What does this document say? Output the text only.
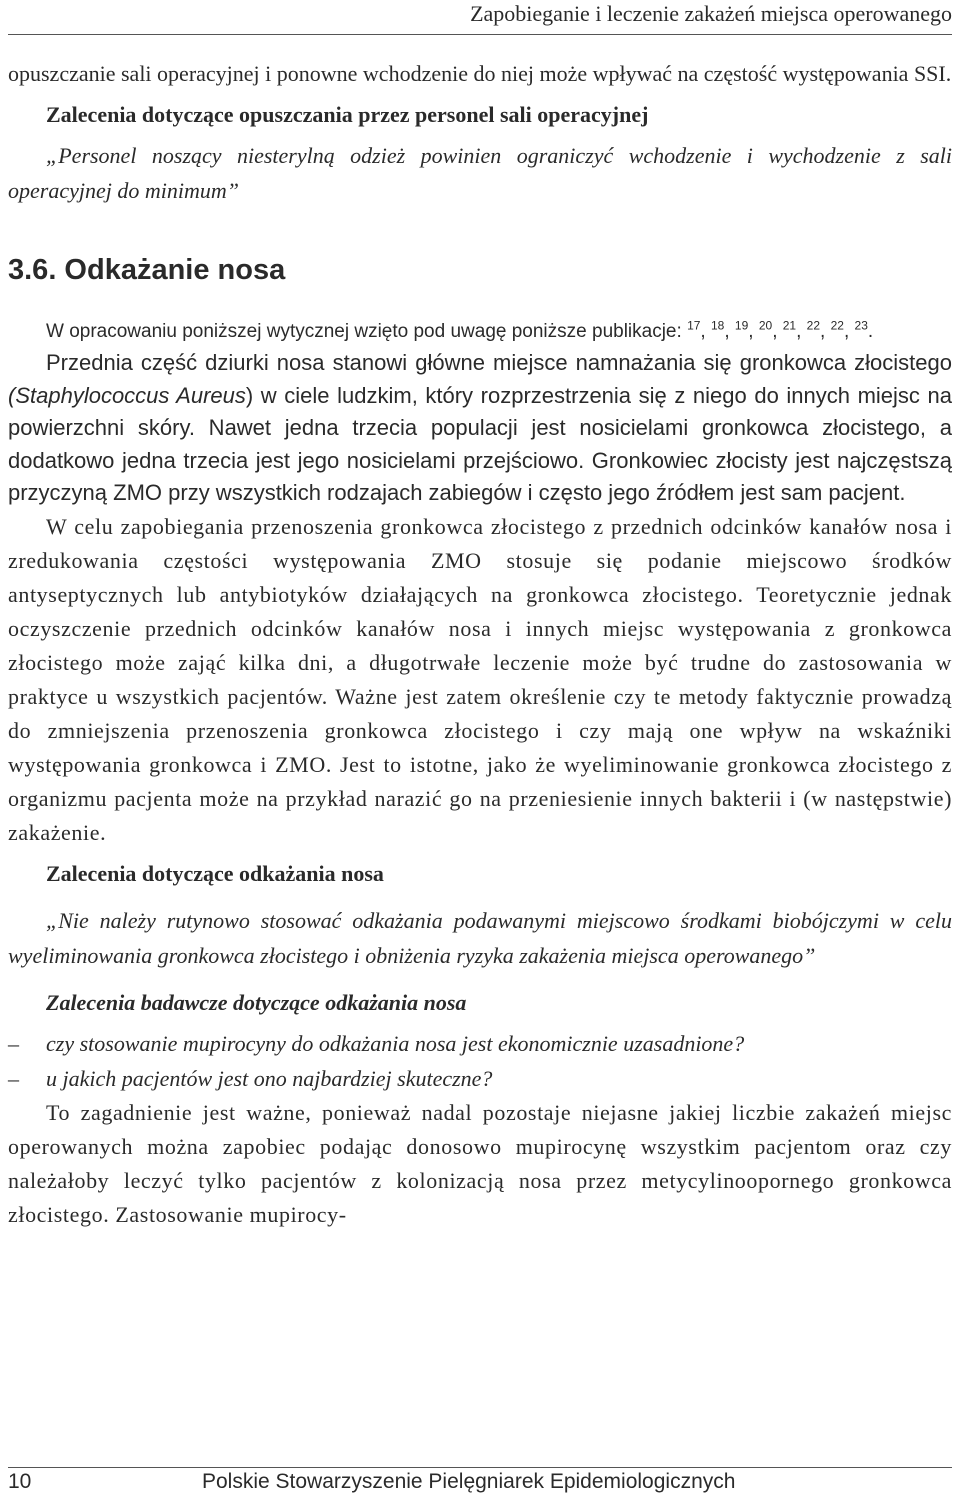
Zapobieganie i leczenie zakażeń miejsca operowanego

opuszczanie sali operacyjnej i ponowne wchodzenie do niej może wpływać na częstość występowania SSI.

Zalecenia dotyczące opuszczania przez personel sali operacyjnej

„Personel noszący niesterylną odzież powinien ograniczyć wchodzenie i wychodzenie z sali operacyjnej do minimum”

3.6. Odkażanie nosa

W opracowaniu poniższej wytycznej wzięto pod uwagę poniższe publikacje: $^{17}$, $^{18}$, $^{19}$, $^{20}$, $^{21}$, $^{22}$, $^{22}$, $^{23}$.

Przednia część dziurki nosa stanowi główne miejsce namnażania się gronkowca złocistego (Staphylococcus Aureus) w ciele ludzkim, który rozprzestrzenia się z niego do innych miejsc na powierzchni skóry. Nawet jedna trzecia populacji jest nosicielami gronkowca złocistego, a dodatkowo jedna trzecia jest jego nosicielami przejściowo. Gronkowiec złocisty jest najczęstszą przyczyną ZMO przy wszystkich rodzajach zabiegów i często jego źródłem jest sam pacjent.

W celu zapobiegania przenoszenia gronkowca złocistego z przednich odcinków kanałów nosa i zredukowania częstości występowania ZMO stosuje się podanie miejscowo środków antyseptycznych lub antybiotyków działających na gronkowca złocistego. Teoretycznie jednak oczyszczenie przednich odcinków kanałów nosa i innych miejsc występowania z gronkowca złocistego może zająć kilka dni, a długotrwałe leczenie może być trudne do zastosowania w praktyce u wszystkich pacjentów. Ważne jest zatem określenie czy te metody faktycznie prowadzą do zmniejszenia przenoszenia gronkowca złocistego i czy mają one wpływ na wskaźniki występowania gronkowca i ZMO. Jest to istotne, jako że wyeliminowanie gronkowca złocistego z organizmu pacjenta może na przykład narazić go na przeniesienie innych bakterii i (w następstwie) zakażenie.

Zalecenia dotyczące odkażania nosa

„Nie należy rutynowo stosować odkażania podawanymi miejscowo środkami biobójczymi w celu wyeliminowania gronkowca złocistego i obniżenia ryzyka zakażenia miejsca operowanego”

Zalecenia badawcze dotyczące odkażania nosa

– czy stosowanie mupirocyny do odkażania nosa jest ekonomicznie uzasadnione?
– u jakich pacjentów jest ono najbardziej skuteczne?

To zagadnienie jest ważne, ponieważ nadal pozostaje niejasne jakiej liczbie zakażeń miejsc operowanych można zapobiec podając donosowo mupirocynę wszystkim pacjentom oraz czy należałoby leczyć tylko pacjentów z kolonizacją nosa przez metycylinoopornego gronkowca złocistego. Zastosowanie mupirocy-

10	Polskie Stowarzyszenie Pielęgniarek Epidemiologicznych
